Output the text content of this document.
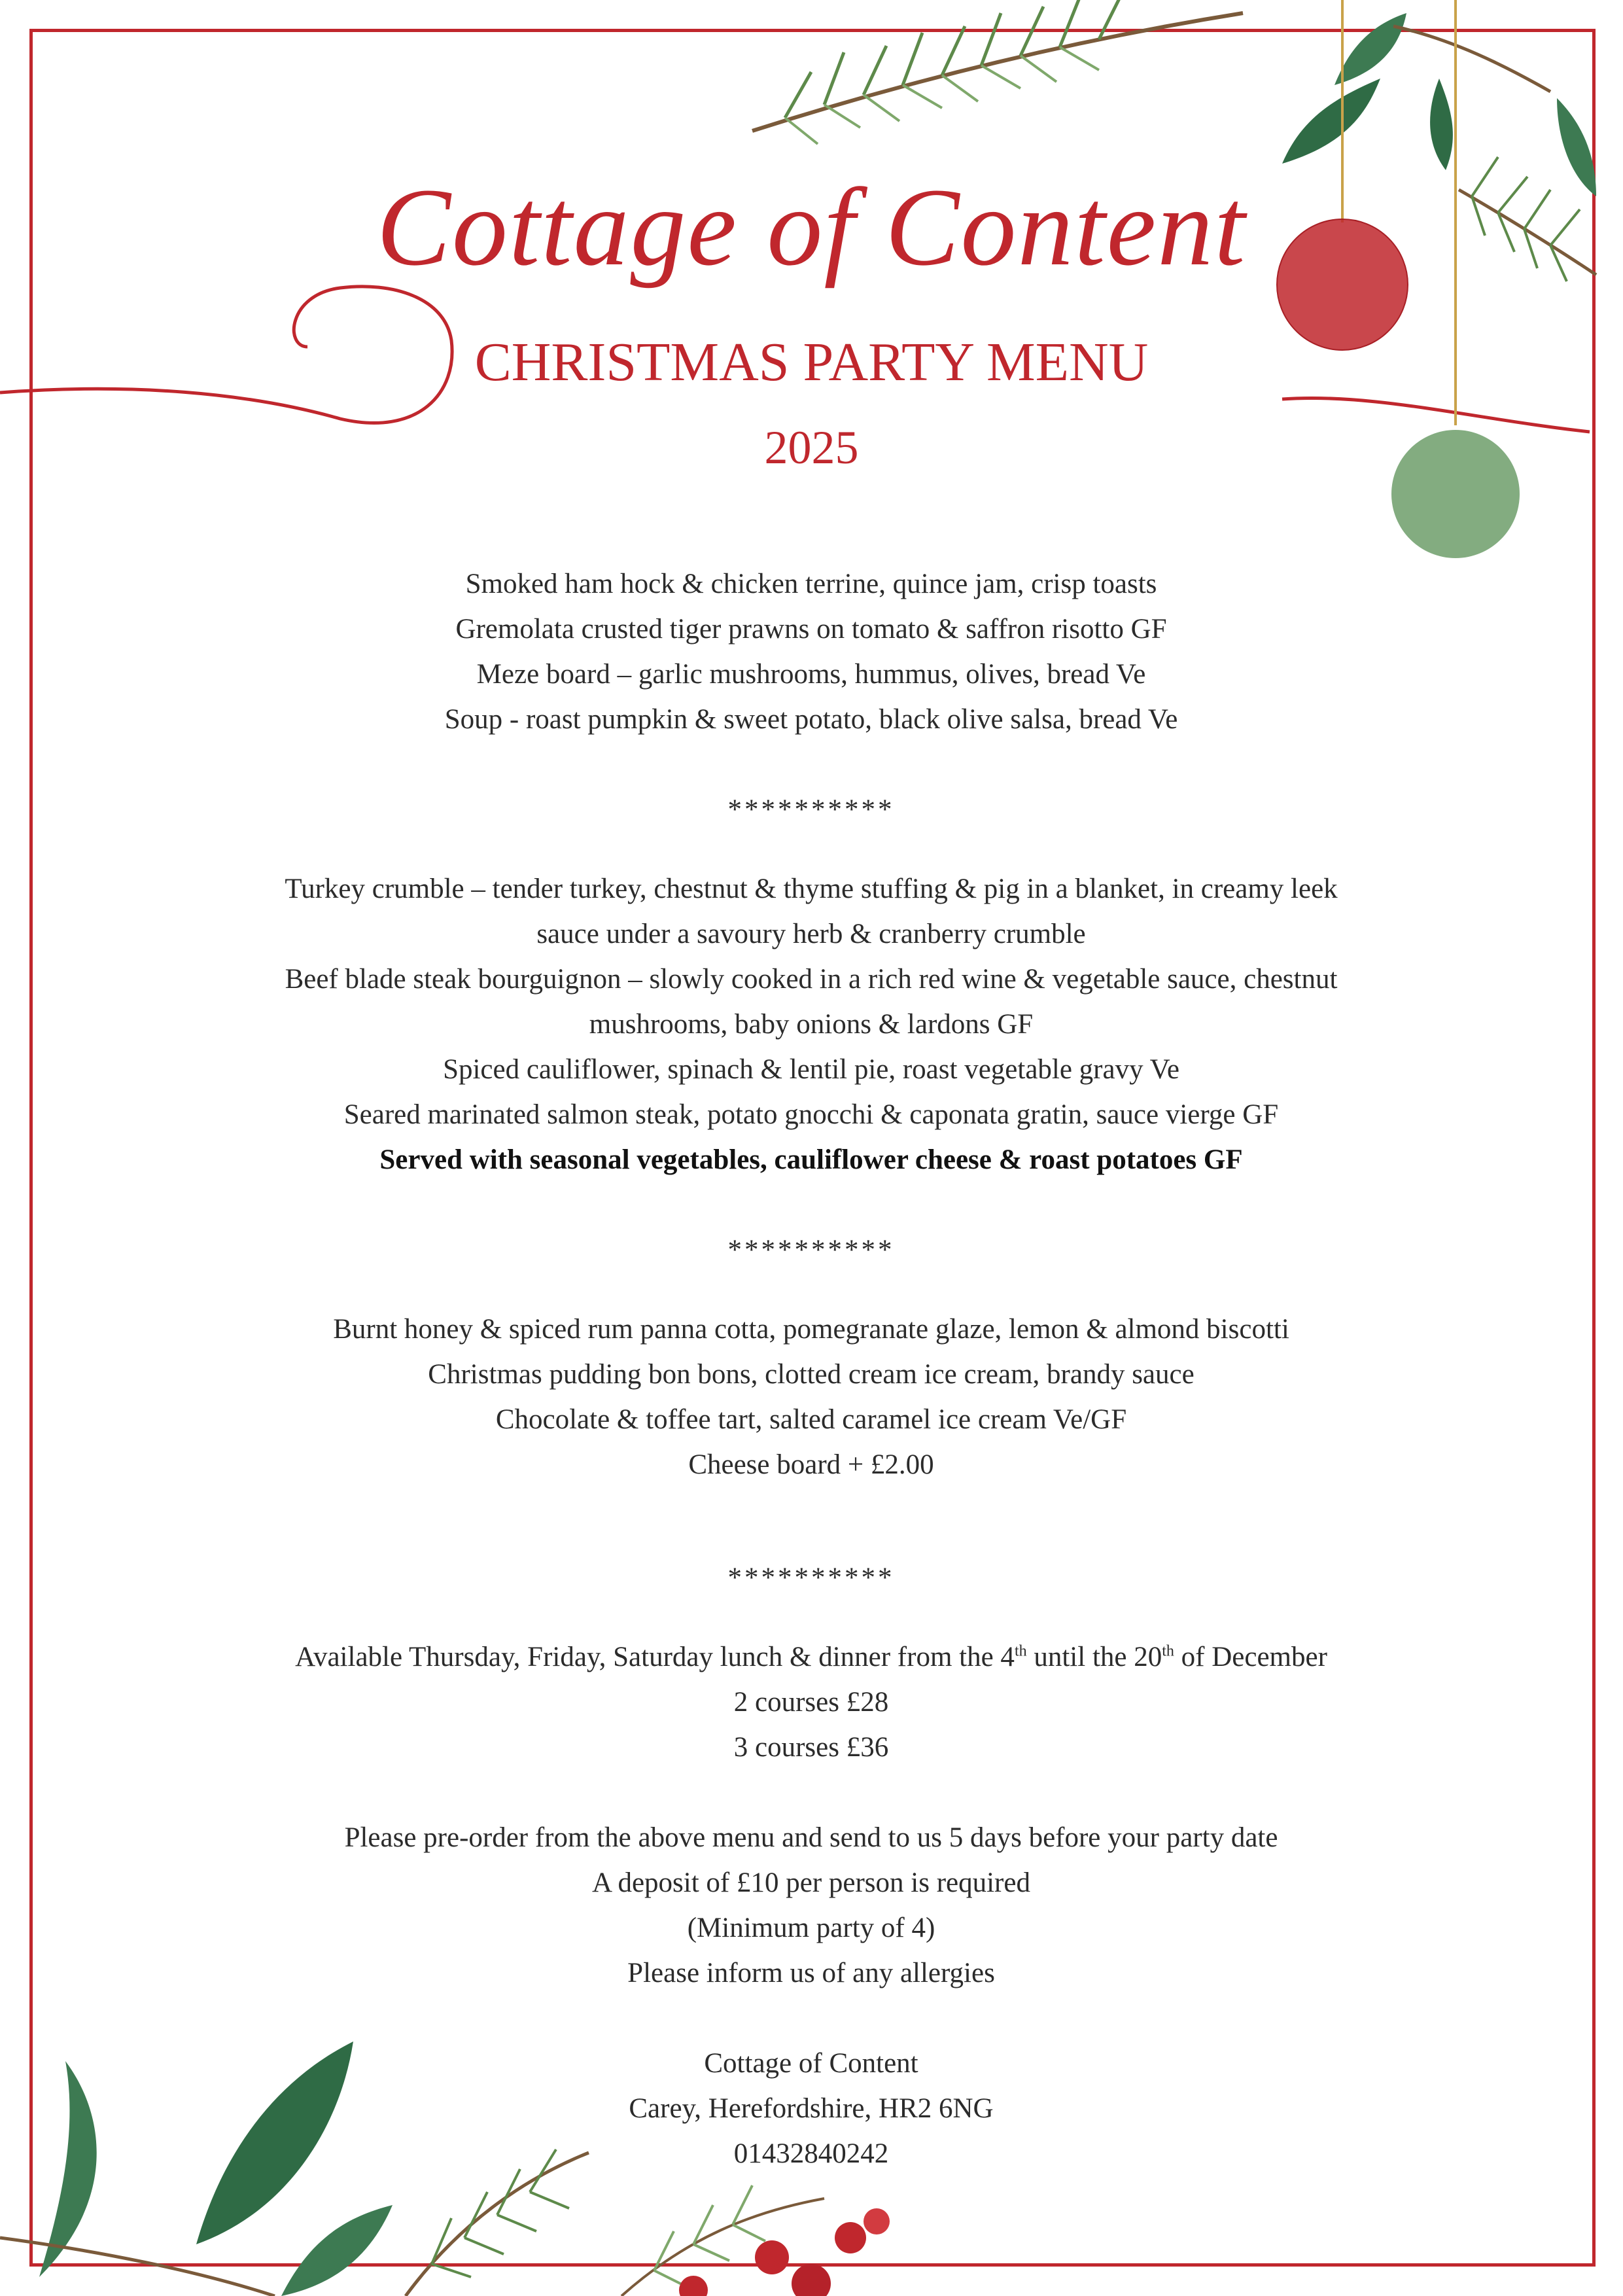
Cottage of Content
CHRISTMAS PARTY MENU
2025
Smoked ham hock & chicken terrine, quince jam, crisp toasts
Gremolata crusted tiger prawns on tomato & saffron risotto GF
Meze board – garlic mushrooms, hummus, olives, bread Ve
Soup - roast pumpkin & sweet potato, black olive salsa, bread Ve
**********
Turkey crumble – tender turkey, chestnut & thyme stuffing & pig in a blanket, in creamy leek
sauce under a savoury herb & cranberry crumble
Beef blade steak bourguignon – slowly cooked in a rich red wine & vegetable sauce, chestnut
mushrooms, baby onions & lardons GF
Spiced cauliflower, spinach & lentil pie, roast vegetable gravy Ve
Seared marinated salmon steak, potato gnocchi & caponata gratin, sauce vierge GF
Served with seasonal vegetables, cauliflower cheese & roast potatoes GF
**********
Burnt honey & spiced rum panna cotta, pomegranate glaze, lemon & almond biscotti
Christmas pudding bon bons, clotted cream ice cream, brandy sauce
Chocolate & toffee tart, salted caramel ice cream Ve/GF
Cheese board + £2.00
**********
Available Thursday, Friday, Saturday lunch & dinner from the 4th until the 20th of December
2 courses £28
3 courses £36
Please pre-order from the above menu and send to us 5 days before your party date
A deposit of £10 per person is required
(Minimum party of 4)
Please inform us of any allergies
Cottage of Content
Carey, Herefordshire, HR2 6NG
01432840242
